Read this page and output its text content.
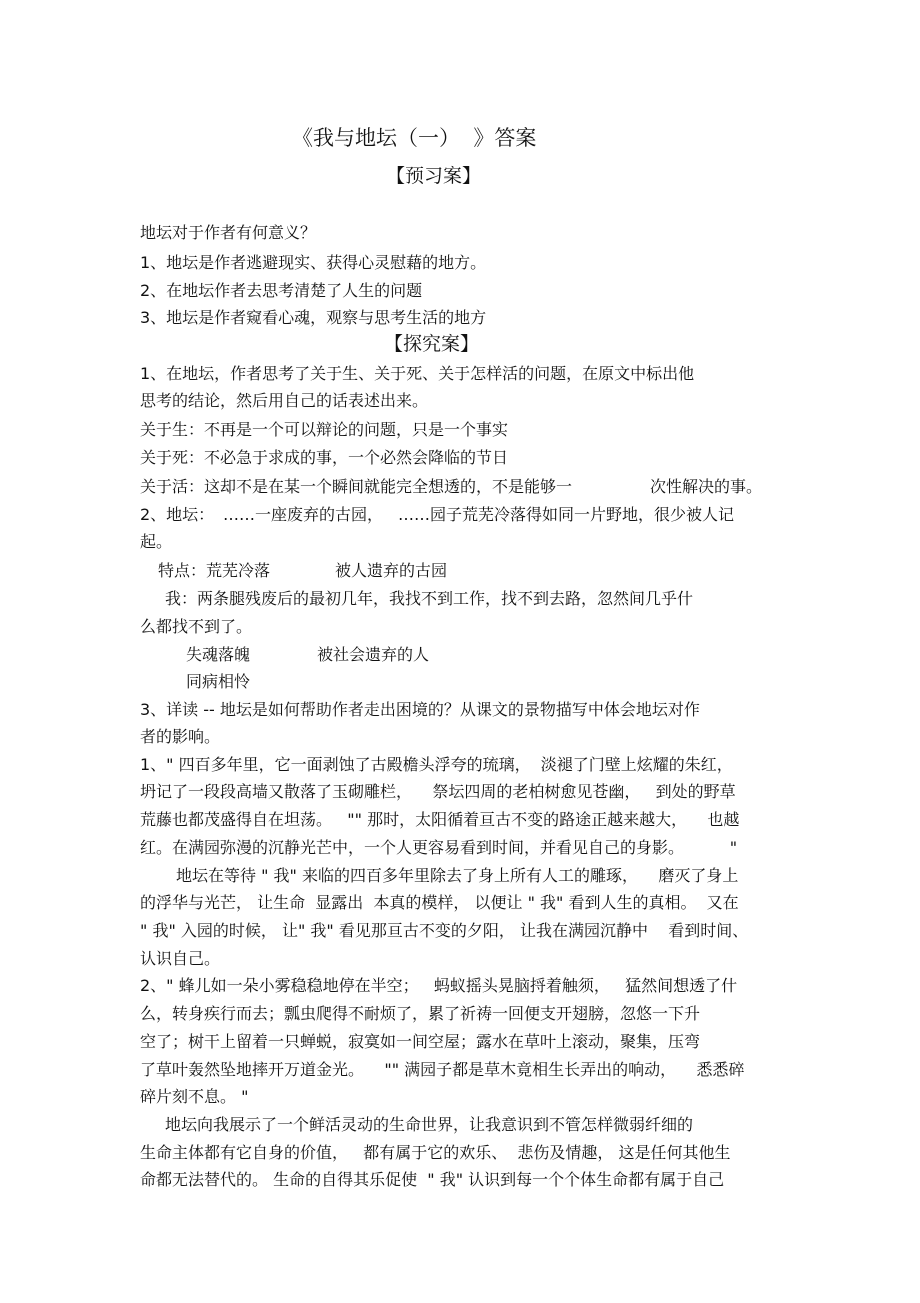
《我与地坛（一）  》答案
【预习案】

地坛对于作者有何意义？

1、地坛是作者逃避现实、获得心灵慰藉的地方。

2、在地坛作者去思考清楚了人生的问题

3、地坛是作者窥看心魂，观察与思考生活的地方

【探究案】

1、在地坛，作者思考了关于生、关于死、关于怎样活的问题，在原文中标出他

思考的结论，然后用自己的话表述出来。

关于生：不再是一个可以辩论的问题，只是一个事实

关于死：不必急于求成的事，一个必然会降临的节日

关于活：这却不是在某一个瞬间就能完全想透的，不是能够一	次性解决的事。

2、地坛： ……一座废弃的古园， ……园子荒芜冷落得如同一片野地，很少被人记

起。

特点：荒芜冷落	被人遗弃的古园

我：两条腿残废后的最初几年，我找不到工作，找不到去路，忽然间几乎什

么都找不到了。

失魂落魄	被社会遗弃的人

同病相怜

3、详读 -- 地坛是如何帮助作者走出困境的？从课文的景物描写中体会地坛对作

者的影响。

1、" 四百多年里，它一面剥蚀了古殿檐头浮夸的琉璃，  淡褪了门壁上炫耀的朱红，

坍记了一段段高墙又散落了玉砌雕栏，    祭坛四周的老柏树愈见苍幽，   到处的野草

荒藤也都茂盛得自在坦荡。   "" 那时，太阳循着亘古不变的路途正越来越大，    也越

红。在满园弥漫的沉静光芒中，一个人更容易看到时间，并看见自己的身影。         "

地坛在等待 " 我" 来临的四百多年里除去了身上所有人工的雕琢，    磨灭了身上

的浮华与光芒， 让生命  显露出  本真的模样， 以便让 " 我" 看到人生的真相。  又在

" 我" 入园的时候， 让" 我" 看见那亘古不变的夕阳， 让我在满园沉静中    看到时间、

认识自己。

2、" 蜂儿如一朵小雾稳稳地停在半空；   蚂蚁摇头晃脑捋着触须，   猛然间想透了什

么，转身疾行而去；瓢虫爬得不耐烦了，累了祈祷一回便支开翅膀，忽悠一下升

空了；树干上留着一只蝉蜕，寂寞如一间空屋；露水在草叶上滚动，聚集，压弯

了草叶轰然坠地摔开万道金光。    "" 满园子都是草木竟相生长弄出的响动，    悉悉碎

碎片刻不息。 "

地坛向我展示了一个鲜活灵动的生命世界，让我意识到不管怎样微弱纤细的

生命主体都有它自身的价值，   都有属于它的欢乐、  悲伤及情趣， 这是任何其他生

命都无法替代的。 生命的自得其乐促使  " 我" 认识到每一个个体生命都有属于自己
